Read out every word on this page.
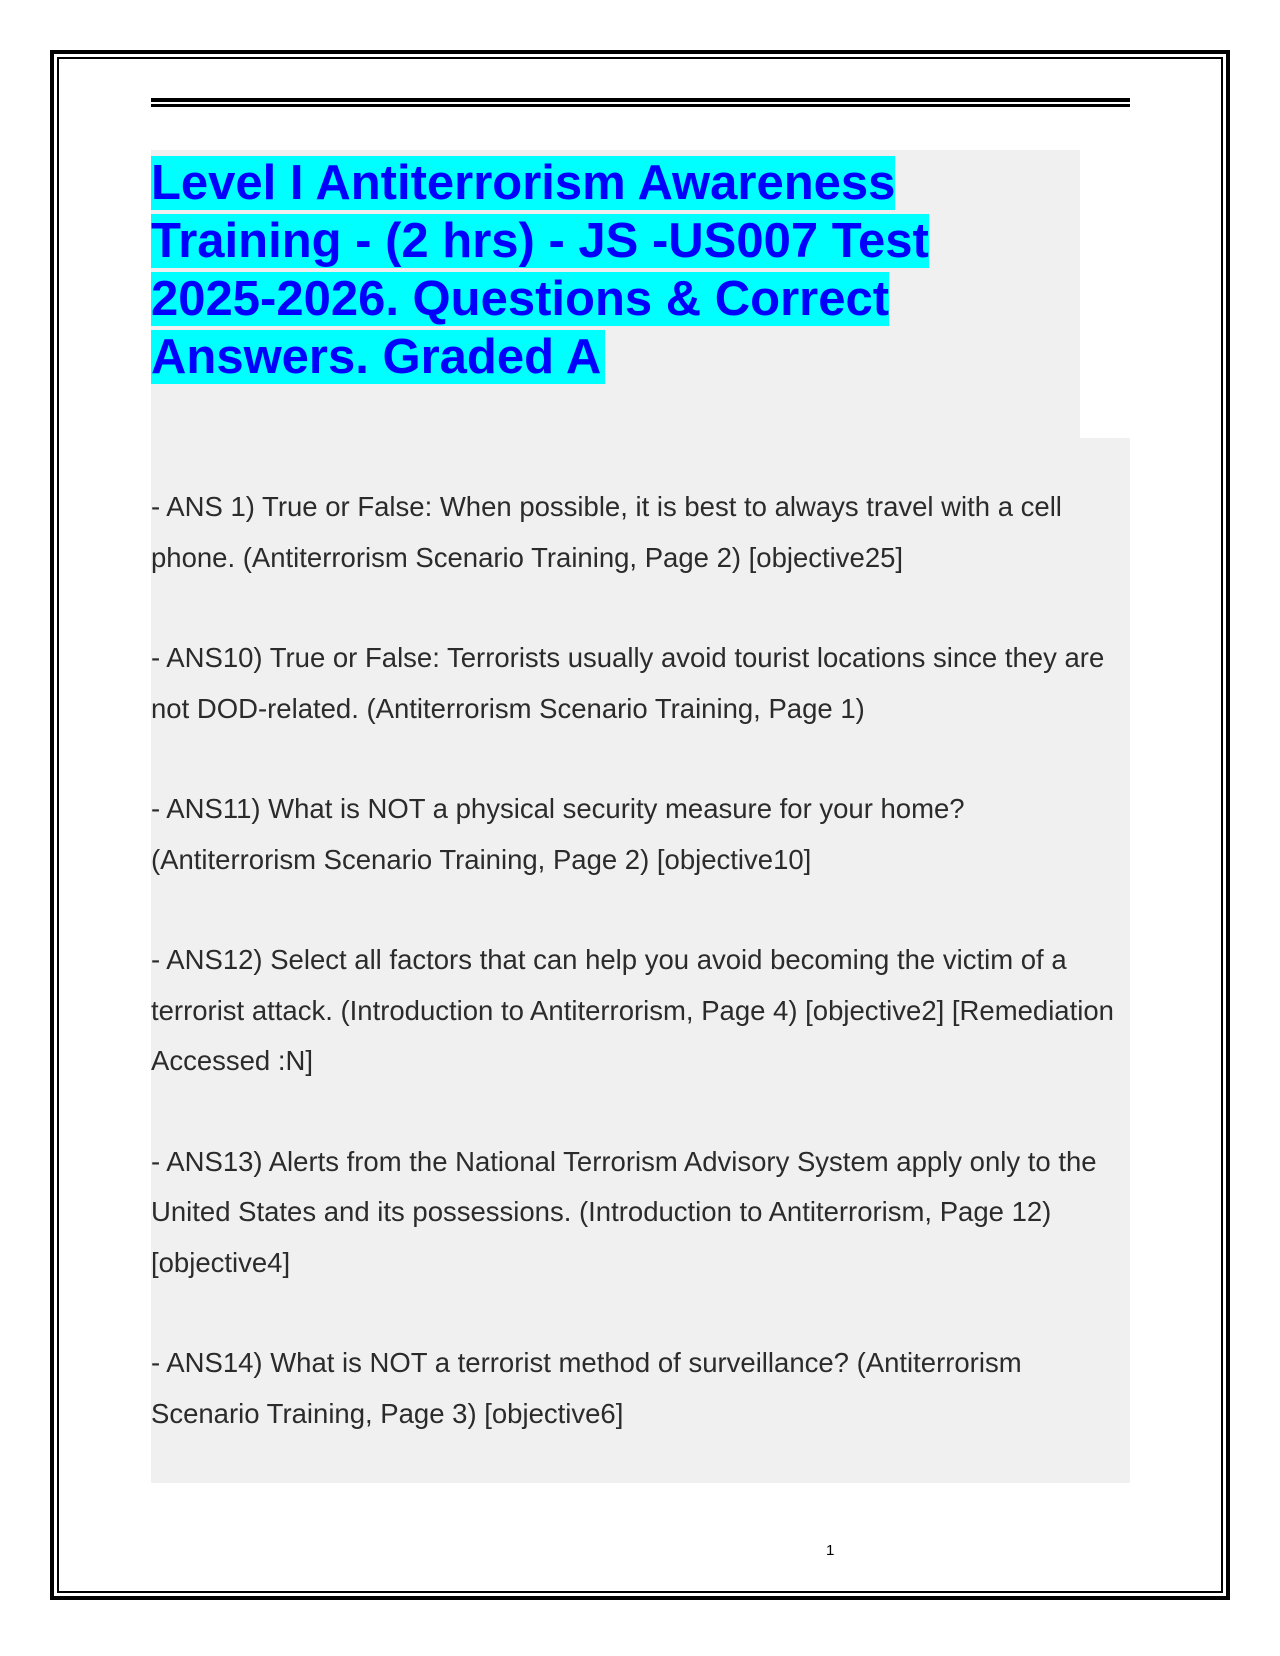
Level I Antiterrorism Awareness Training - (2 hrs) - JS -US007 Test 2025-2026. Questions & Correct Answers. Graded A
- ANS 1) True or False: When possible, it is best to always travel with a cell phone. (Antiterrorism Scenario Training, Page 2) [objective25]
- ANS10) True or False: Terrorists usually avoid tourist locations since they are not DOD-related. (Antiterrorism Scenario Training, Page 1)
- ANS11) What is NOT a physical security measure for your home? (Antiterrorism Scenario Training, Page 2) [objective10]
- ANS12) Select all factors that can help you avoid becoming the victim of a terrorist attack. (Introduction to Antiterrorism, Page 4) [objective2] [Remediation Accessed :N]
- ANS13) Alerts from the National Terrorism Advisory System apply only to the United States and its possessions. (Introduction to Antiterrorism, Page 12) [objective4]
- ANS14) What is NOT a terrorist method of surveillance? (Antiterrorism Scenario Training, Page 3) [objective6]
1
